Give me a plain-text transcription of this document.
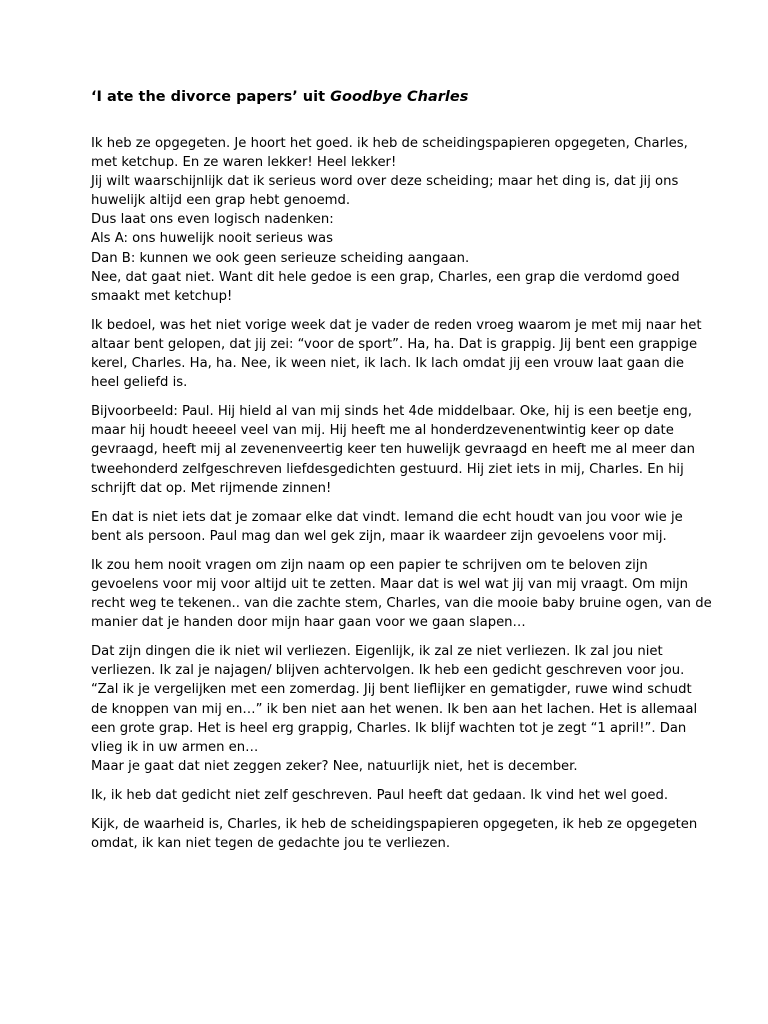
‘I ate the divorce papers’ uit Goodbye Charles

Ik heb ze opgegeten. Je hoort het goed. ik heb de scheidingspapieren opgegeten, Charles,
met ketchup. En ze waren lekker! Heel lekker!
Jij wilt waarschijnlijk dat ik serieus word over deze scheiding; maar het ding is, dat jij ons
huwelijk altijd een grap hebt genoemd.
Dus laat ons even logisch nadenken:
Als A: ons huwelijk nooit serieus was
Dan B: kunnen we ook geen serieuze scheiding aangaan.
Nee, dat gaat niet. Want dit hele gedoe is een grap, Charles, een grap die verdomd goed
smaakt met ketchup!

Ik bedoel, was het niet vorige week dat je vader de reden vroeg waarom je met mij naar het
altaar bent gelopen, dat jij zei: “voor de sport”. Ha, ha. Dat is grappig. Jij bent een grappige
kerel, Charles. Ha, ha. Nee, ik ween niet, ik lach. Ik lach omdat jij een vrouw laat gaan die
heel geliefd is.

Bijvoorbeeld: Paul. Hij hield al van mij sinds het 4de middelbaar. Oke, hij is een beetje eng,
maar hij houdt heeeel veel van mij. Hij heeft me al honderdzevenentwintig keer op date
gevraagd, heeft mij al zevenenveertig keer ten huwelijk gevraagd en heeft me al meer dan
tweehonderd zelfgeschreven liefdesgedichten gestuurd. Hij ziet iets in mij, Charles. En hij
schrijft dat op. Met rijmende zinnen!

En dat is niet iets dat je zomaar elke dat vindt. Iemand die echt houdt van jou voor wie je
bent als persoon. Paul mag dan wel gek zijn, maar ik waardeer zijn gevoelens voor mij.

Ik zou hem nooit vragen om zijn naam op een papier te schrijven om te beloven zijn
gevoelens voor mij voor altijd uit te zetten. Maar dat is wel wat jij van mij vraagt. Om mijn
recht weg te tekenen.. van die zachte stem, Charles, van die mooie baby bruine ogen, van de
manier dat je handen door mijn haar gaan voor we gaan slapen…

Dat zijn dingen die ik niet wil verliezen. Eigenlijk, ik zal ze niet verliezen. Ik zal jou niet
verliezen. Ik zal je najagen/ blijven achtervolgen. Ik heb een gedicht geschreven voor jou.
“Zal ik je vergelijken met een zomerdag. Jij bent lieflijker en gematigder, ruwe wind schudt
de knoppen van mij en…” ik ben niet aan het wenen. Ik ben aan het lachen. Het is allemaal
een grote grap. Het is heel erg grappig, Charles. Ik blijf wachten tot je zegt “1 april!”. Dan
vlieg ik in uw armen en…
Maar je gaat dat niet zeggen zeker? Nee, natuurlijk niet, het is december.

Ik, ik heb dat gedicht niet zelf geschreven. Paul heeft dat gedaan. Ik vind het wel goed.

Kijk, de waarheid is, Charles, ik heb de scheidingspapieren opgegeten, ik heb ze opgegeten
omdat, ik kan niet tegen de gedachte jou te verliezen.
